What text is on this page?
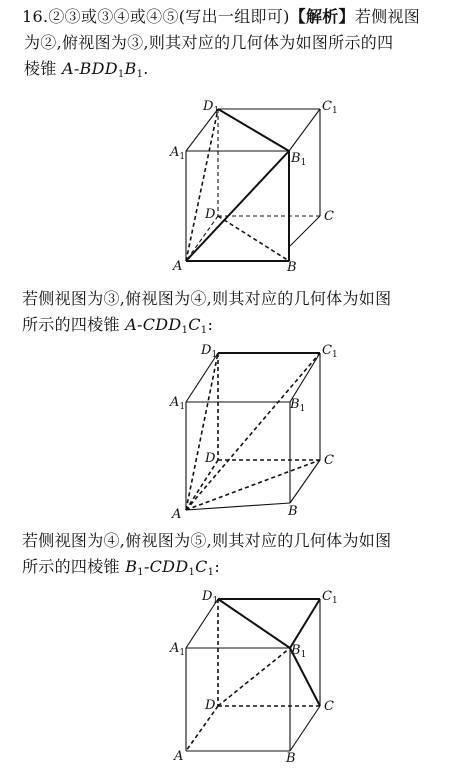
16.②③或③④或④⑤(写出一组即可)【解析】若侧视图
为②,俯视图为③,则其对应的几何体为如图所示的四
棱锥 $A-BDD_1B_1$.
$D_1$	$C_1$
$A_1$	$B_1$
D	C
A	B
若侧视图为③,俯视图为④,则其对应的几何体为如图
所示的四棱锥 $A-CDD_1C_1$:
$D_1$	$C_1$
$A_1$	$B_1$
D	C
A	B
若侧视图为④,俯视图为⑤,则其对应的几何体为如图
所示的四棱锥 $B_1-CDD_1C_1$:
$D_1$	$C_1$
$A_1$	$B_1$
D	C
A	B
